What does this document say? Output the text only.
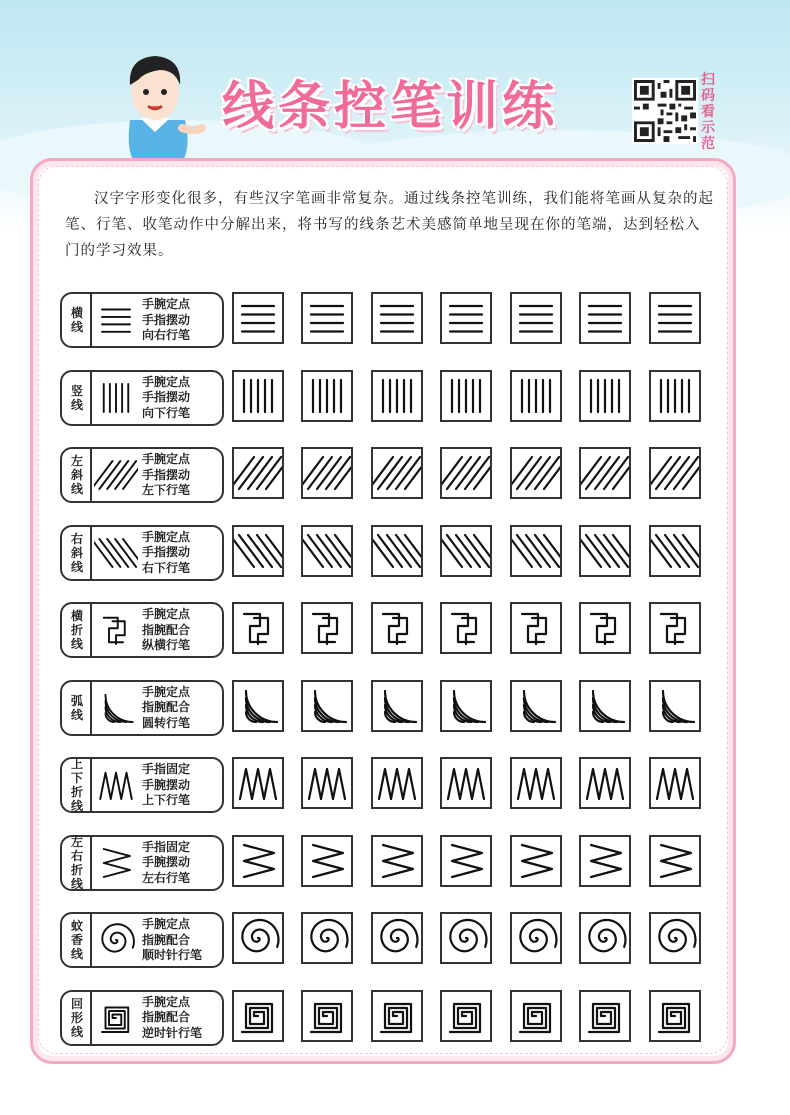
线条控笔训练	扫码看示范
汉字字形变化很多，有些汉字笔画非常复杂。通过线条控笔训练，我们能将笔画从复杂的起笔、行笔、收笔动作中分解出来，将书写的线条艺术美感简单地呈现在你的笔端，达到轻松入门的学习效果。
横线
手腕定点
手指摆动
向右行笔
竖线
手腕定点
手指摆动
向下行笔
左斜线
手腕定点
手指摆动
左下行笔
右斜线
手腕定点
手指摆动
右下行笔
横折线
手腕定点
指腕配合
纵横行笔
弧线
手腕定点
指腕配合
圆转行笔
上下折线
手指固定
手腕摆动
上下行笔
左右折线
手指固定
手腕摆动
左右行笔
蚊香线
手腕定点
指腕配合
顺时针行笔
回形线
手腕定点
指腕配合
逆时针行笔
